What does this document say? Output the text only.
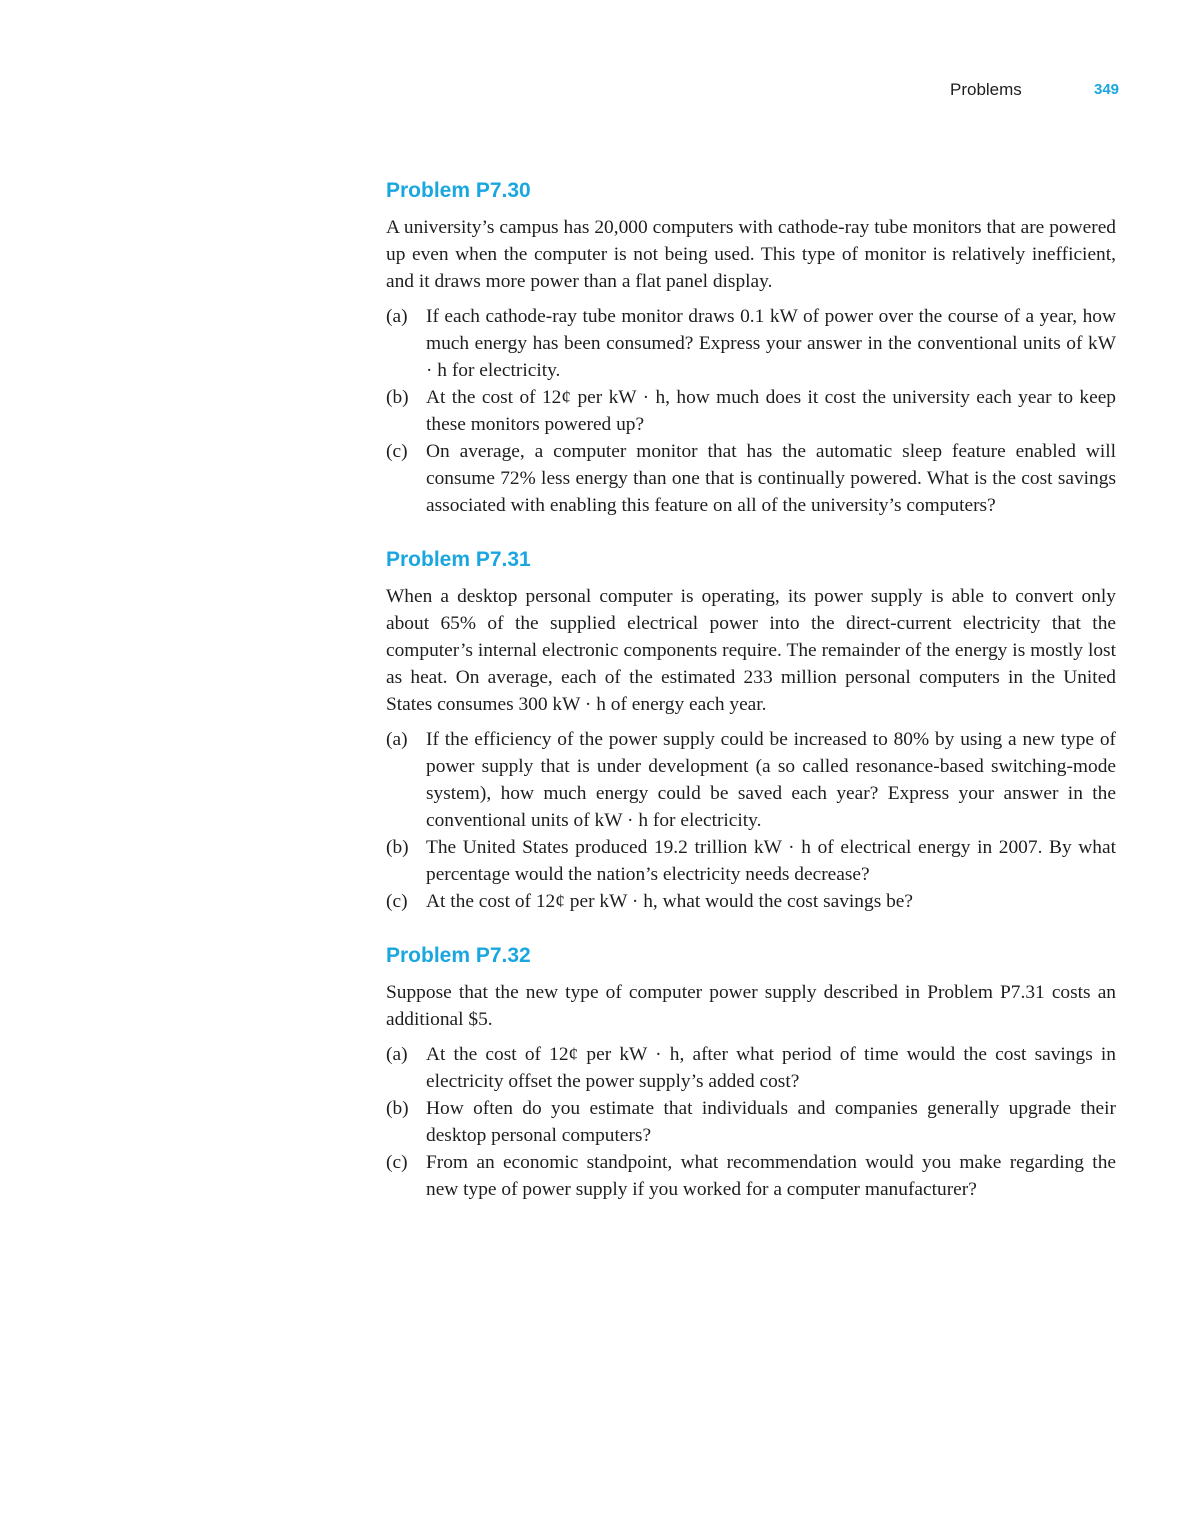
Problems	349
Problem P7.30

A university’s campus has 20,000 computers with cathode-ray tube monitors that are powered up even when the computer is not being used. This type of monitor is relatively inefficient, and it draws more power than a flat panel display.

(a) If each cathode-ray tube monitor draws 0.1 kW of power over the course of a year, how much energy has been consumed? Express your answer in the conventional units of kW · h for electricity.
(b) At the cost of 12¢ per kW · h, how much does it cost the university each year to keep these monitors powered up?
(c) On average, a computer monitor that has the automatic sleep feature enabled will consume 72% less energy than one that is continually powered. What is the cost savings associated with enabling this feature on all of the university’s computers?
Problem P7.31

When a desktop personal computer is operating, its power supply is able to convert only about 65% of the supplied electrical power into the direct-current electricity that the computer’s internal electronic components require. The remainder of the energy is mostly lost as heat. On average, each of the estimated 233 million personal computers in the United States consumes 300 kW · h of energy each year.

(a) If the efficiency of the power supply could be increased to 80% by using a new type of power supply that is under development (a so called resonance-based switching-mode system), how much energy could be saved each year? Express your answer in the conventional units of kW · h for electricity.
(b) The United States produced 19.2 trillion kW · h of electrical energy in 2007. By what percentage would the nation’s electricity needs decrease?
(c) At the cost of 12¢ per kW · h, what would the cost savings be?
Problem P7.32

Suppose that the new type of computer power supply described in Problem P7.31 costs an additional $5.

(a) At the cost of 12¢ per kW · h, after what period of time would the cost savings in electricity offset the power supply’s added cost?
(b) How often do you estimate that individuals and companies generally upgrade their desktop personal computers?
(c) From an economic standpoint, what recommendation would you make regarding the new type of power supply if you worked for a computer manufacturer?
